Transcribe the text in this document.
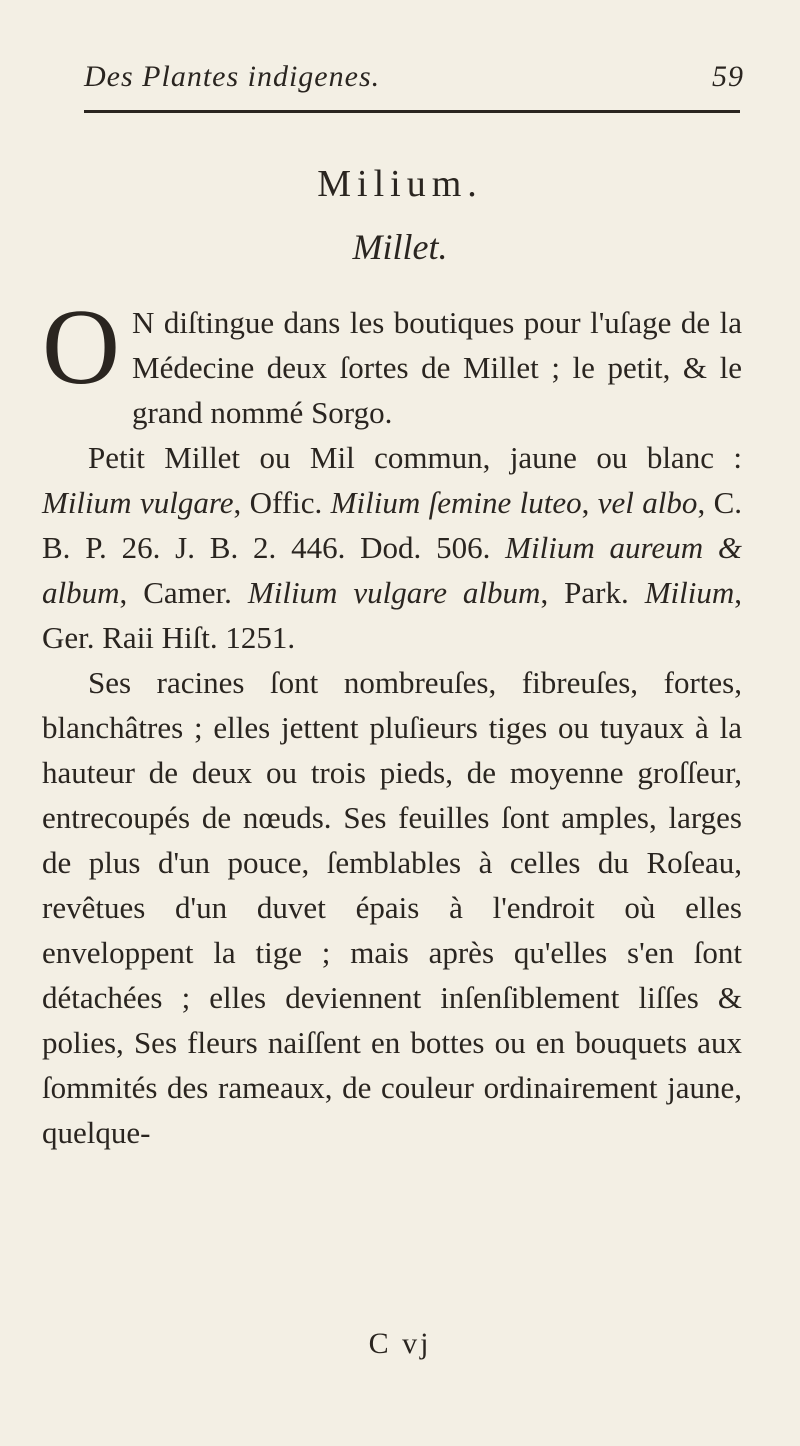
Des Plantes indigenes.	59
Milium.
Millet.

O N diſtingue dans les boutiques pour l'uſage de la Médecine deux ſortes de Millet ; le petit, & le grand nommé Sorgo.

Petit Millet ou Mil commun, jaune ou blanc : Milium vulgare, Offic. Milium ſemine luteo, vel albo, C. B. P. 26. J. B. 2. 446. Dod. 506. Milium aureum & album, Camer. Milium vulgare album, Park. Milium, Ger. Raii Hiſt. 1251.

Ses racines ſont nombreuſes, fibreuſes, fortes, blanchâtres ; elles jettent pluſieurs tiges ou tuyaux à la hauteur de deux ou trois pieds, de moyenne groſſeur, entrecoupés de nœuds. Ses feuilles ſont amples, larges de plus d'un pouce, ſemblables à celles du Roſeau, revêtues d'un duvet épais à l'endroit où elles enveloppent la tige ; mais après qu'elles s'en ſont détachées ; elles deviennent inſenſiblement liſſes & polies, Ses fleurs naiſſent en bottes ou en bouquets aux ſommités des rameaux, de couleur ordinairement jaune, quelque-

C vj
